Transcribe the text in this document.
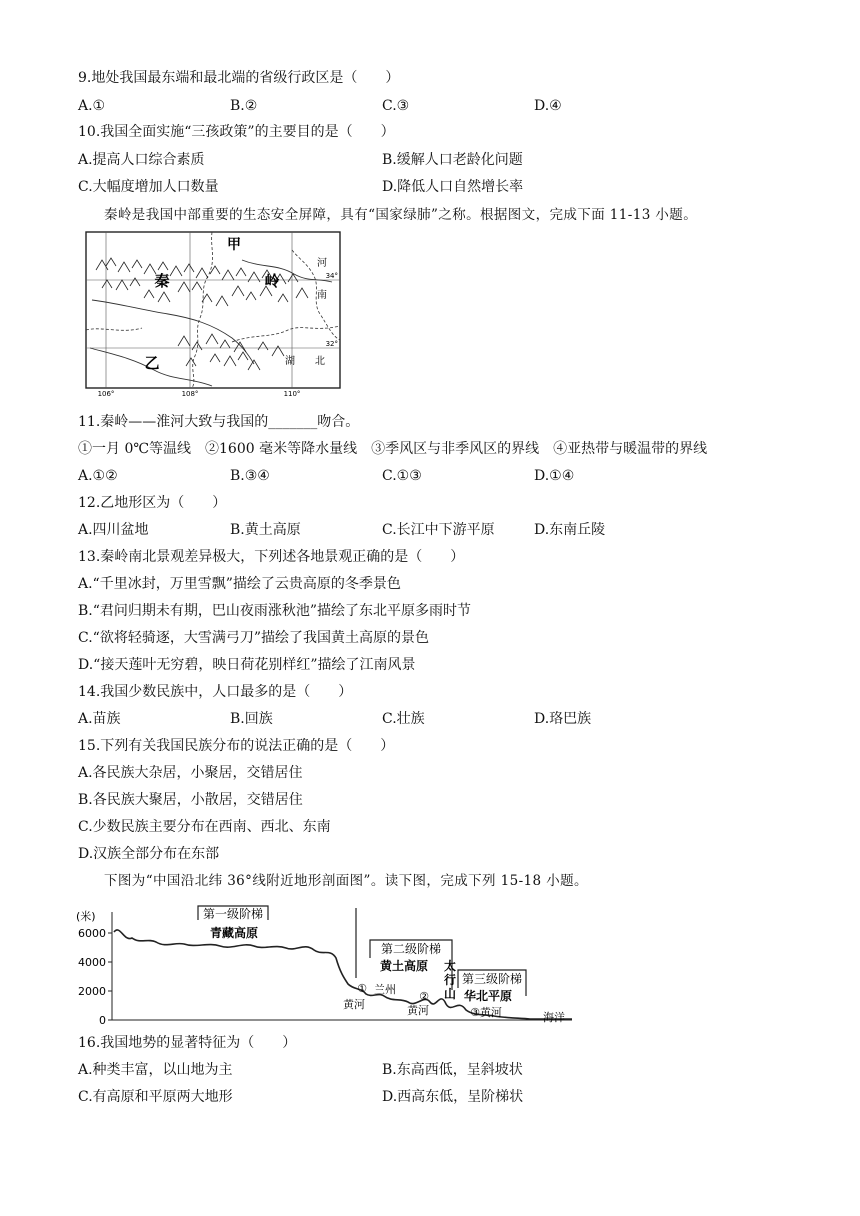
9.地处我国最东端和最北端的省级行政区是（　　）
A.①	B.②	C.③	D.④
10.我国全面实施“三孩政策”的主要目的是（　　）
A.提高人口综合素质	B.缓解人口老龄化问题
C.大幅度增加人口数量	D.降低人口自然增长率
秦岭是我国中部重要的生态安全屏障，具有“国家绿肺”之称。根据图文，完成下面 11-13 小题。
甲
秦	岭
乙
河
南
湖 北
34°
32°
106°	108°	110°
11.秦岭——淮河大致与我国的_______吻合。
①一月 0℃等温线　②1600 毫米等降水量线　③季风区与非季风区的界线　④亚热带与暖温带的界线
A.①②	B.③④	C.①③	D.①④
12.乙地形区为（　　）
A.四川盆地	B.黄土高原	C.长江中下游平原	D.东南丘陵
13.秦岭南北景观差异极大，下列述各地景观正确的是（　　）
A.“千里冰封，万里雪飘”描绘了云贵高原的冬季景色
B.“君问归期未有期，巴山夜雨涨秋池”描绘了东北平原多雨时节
C.“欲将轻骑逐，大雪满弓刀”描绘了我国黄土高原的景色
D.“接天莲叶无穷碧，映日荷花别样红”描绘了江南风景
14.我国少数民族中，人口最多的是（　　）
A.苗族	B.回族	C.壮族	D.珞巴族
15.下列有关我国民族分布的说法正确的是（　　）
A.各民族大杂居，小聚居，交错居住
B.各民族大聚居，小散居，交错居住
C.少数民族主要分布在西南、西北、东南
D.汉族全部分布在东部
下图为“中国沿北纬 36°线附近地形剖面图”。读下图，完成下列 15-18 小题。
(米)
6000
4000
2000
0
第一级阶梯
青藏高原
第二级阶梯
黄土高原 太
行
山
第三级阶梯
华北平原
兰州
①
黄河
②
黄河	③黄河	海洋
16.我国地势的显著特征为（　　）
A.种类丰富，以山地为主	B.东高西低，呈斜坡状
C.有高原和平原两大地形	D.西高东低，呈阶梯状
